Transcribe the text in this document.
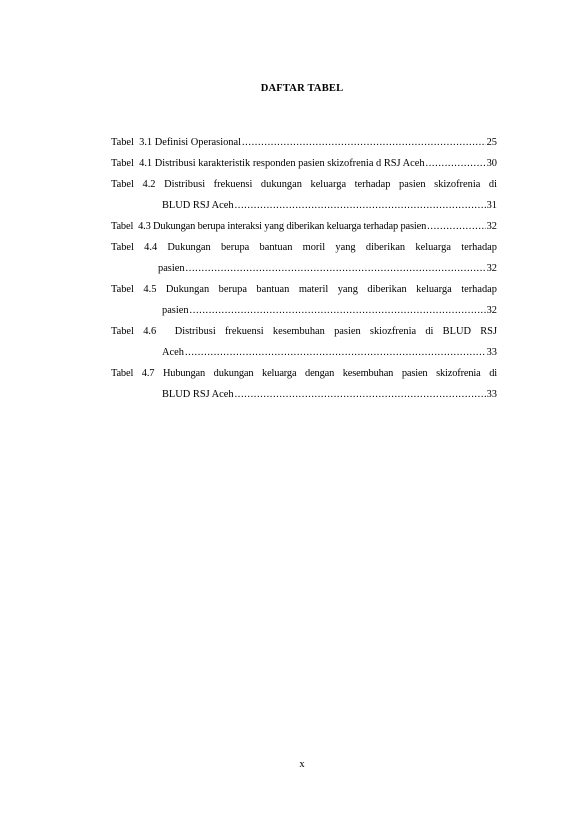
DAFTAR TABEL
Tabel  3.1 Definisi Operasional .....	25
Tabel  4.1 Distribusi karakteristik responden pasien skizofrenia d RSJ Aceh .....	30
Tabel 4.2 Distribusi frekuensi dukungan keluarga terhadap pasien skizofrenia di
BLUD RSJ Aceh .....	31
Tabel  4.3 Dukungan berupa interaksi yang diberikan keluarga terhadap pasien .....	32
Tabel 4.4 Dukungan berupa bantuan moril yang diberikan keluarga terhadap
pasien .....	32
Tabel 4.5 Dukungan berupa bantuan materil yang diberikan keluarga terhadap
pasien .....	32
Tabel 4.6  Distribusi frekuensi kesembuhan pasien skiozfrenia di BLUD RSJ
Aceh .....	33
Tabel 4.7 Hubungan dukungan keluarga dengan kesembuhan pasien skizofrenia di
BLUD RSJ Aceh .....	33
x
